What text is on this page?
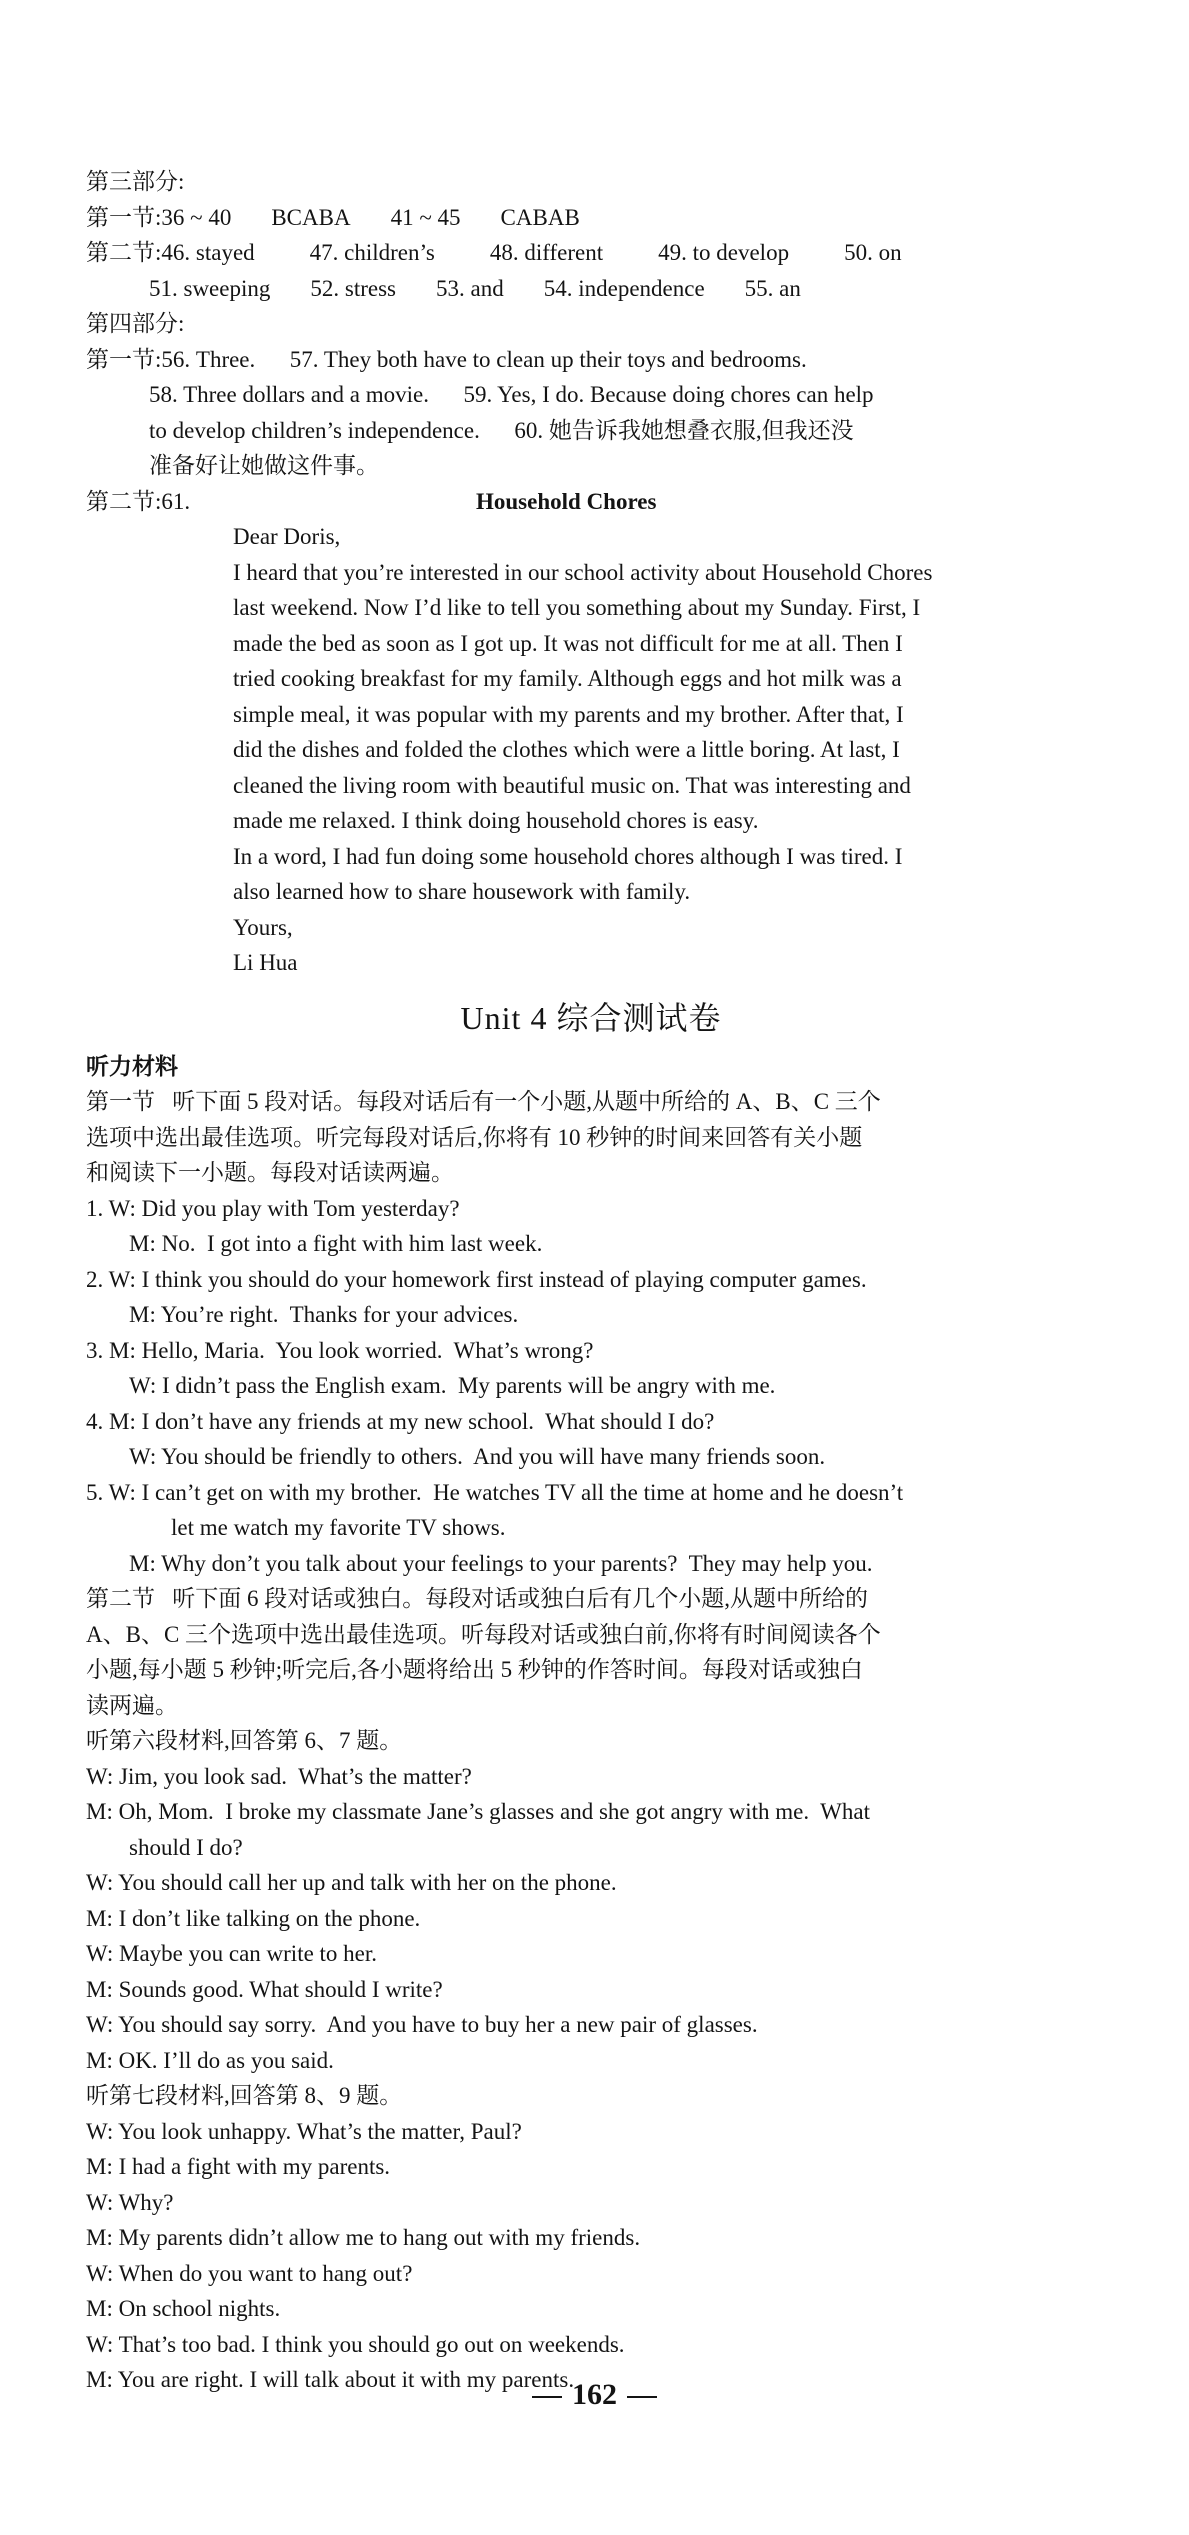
第三部分:

第一节:36 ~ 40 BCABA 41 ~ 45 CABAB

第二节:46. stayed 47. children’s 48. different 49. to develop 50. on

51. sweeping 52. stress 53. and 54. independence 55. an

第四部分:

第一节:56. Three.      57. They both have to clean up their toys and bedrooms.

58. Three dollars and a movie.      59. Yes, I do. Because doing chores can help

to develop children’s independence.      60. 她告诉我她想叠衣服,但我还没

准备好让她做这件事。

第二节:61.	Household Chores

Dear Doris,

I heard that you’re interested in our school activity about Household Chores

last weekend. Now I’d like to tell you something about my Sunday. First, I

made the bed as soon as I got up. It was not difficult for me at all. Then I

tried cooking breakfast for my family. Although eggs and hot milk was a

simple meal, it was popular with my parents and my brother. After that, I

did the dishes and folded the clothes which were a little boring. At last, I

cleaned the living room with beautiful music on. That was interesting and

made me relaxed. I think doing household chores is easy.

In a word, I had fun doing some household chores although I was tired. I

also learned how to share housework with family.

Yours,

Li Hua

Unit 4 综合测试卷

听力材料

第一节   听下面 5 段对话。每段对话后有一个小题,从题中所给的 A、B、C 三个

选项中选出最佳选项。听完每段对话后,你将有 10 秒钟的时间来回答有关小题

和阅读下一小题。每段对话读两遍。

1. W: Did you play with Tom yesterday?

M: No.  I got into a fight with him last week.

2. W: I think you should do your homework first instead of playing computer games.

M: You’re right.  Thanks for your advices.

3. M: Hello, Maria.  You look worried.  What’s wrong?

W: I didn’t pass the English exam.  My parents will be angry with me.

4. M: I don’t have any friends at my new school.  What should I do?

W: You should be friendly to others.  And you will have many friends soon.

5. W: I can’t get on with my brother.  He watches TV all the time at home and he doesn’t

let me watch my favorite TV shows.

M: Why don’t you talk about your feelings to your parents?  They may help you.

第二节   听下面 6 段对话或独白。每段对话或独白后有几个小题,从题中所给的

A、B、C 三个选项中选出最佳选项。听每段对话或独白前,你将有时间阅读各个

小题,每小题 5 秒钟;听完后,各小题将给出 5 秒钟的作答时间。每段对话或独白

读两遍。

听第六段材料,回答第 6、7 题。

W: Jim, you look sad.  What’s the matter?

M: Oh, Mom.  I broke my classmate Jane’s glasses and she got angry with me.  What

should I do?

W: You should call her up and talk with her on the phone.

M: I don’t like talking on the phone.

W: Maybe you can write to her.

M: Sounds good. What should I write?

W: You should say sorry.  And you have to buy her a new pair of glasses.

M: OK. I’ll do as you said.

听第七段材料,回答第 8、9 题。

W: You look unhappy. What’s the matter, Paul?

M: I had a fight with my parents.

W: Why?

M: My parents didn’t allow me to hang out with my friends.

W: When do you want to hang out?

M: On school nights.

W: That’s too bad. I think you should go out on weekends.

M: You are right. I will talk about it with my parents.

162
